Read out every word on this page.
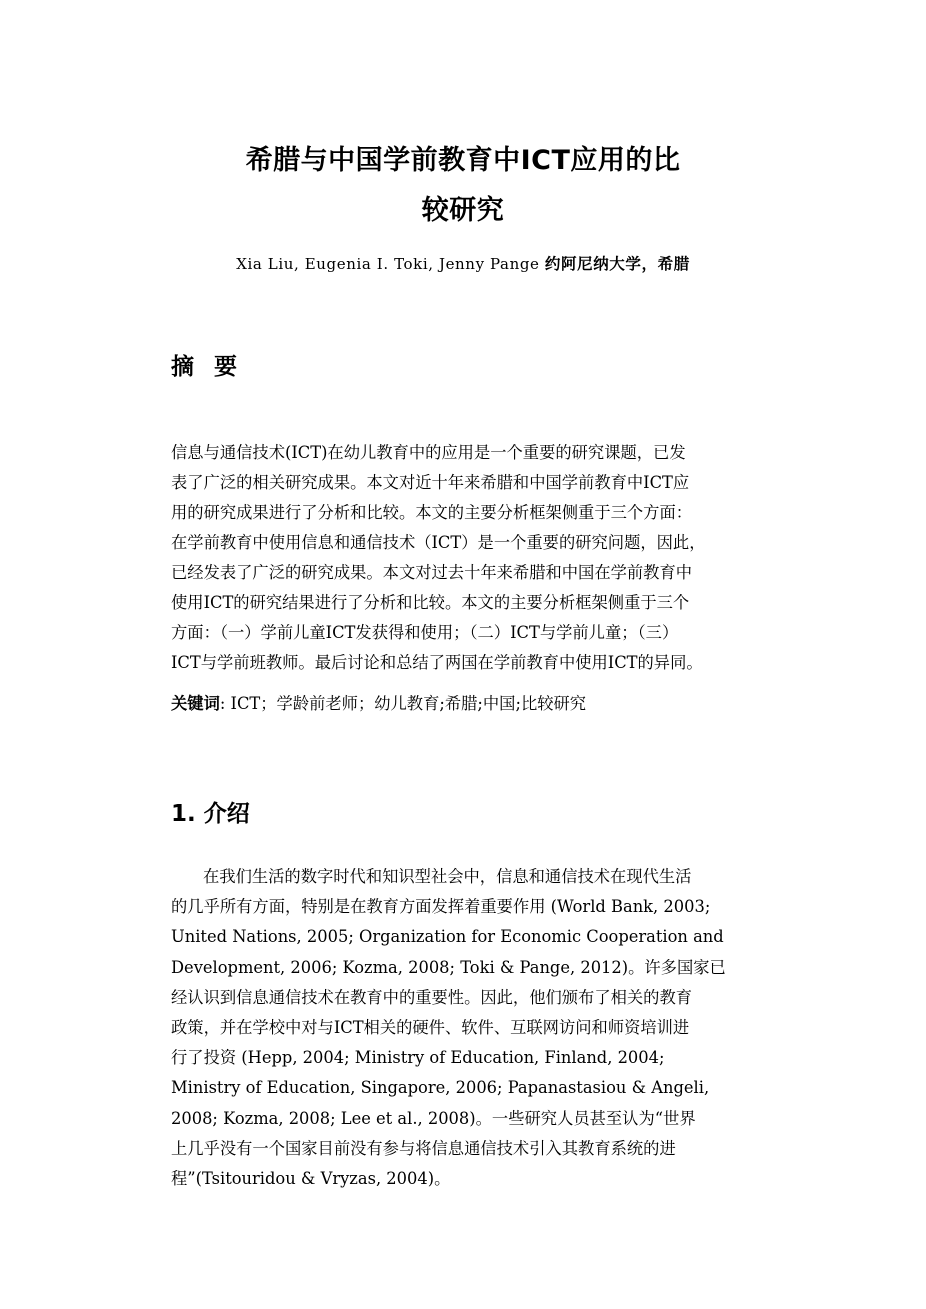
希腊与中国学前教育中ICT应用的比
较研究
Xia Liu, Eugenia I. Toki, Jenny Pange 约阿尼纳大学，希腊
摘 要
信息与通信技术(ICT)在幼儿教育中的应用是一个重要的研究课题，已发
表了广泛的相关研究成果。本文对近十年来希腊和中国学前教育中ICT应
用的研究成果进行了分析和比较。本文的主要分析框架侧重于三个方面：
在学前教育中使用信息和通信技术（ICT）是一个重要的研究问题，因此，
已经发表了广泛的研究成果。本文对过去十年来希腊和中国在学前教育中
使用ICT的研究结果进行了分析和比较。本文的主要分析框架侧重于三个
方面：（一）学前儿童ICT发获得和使用；（二）ICT与学前儿童；（三）
ICT与学前班教师。最后讨论和总结了两国在学前教育中使用ICT的异同。
关键词: ICT；学龄前老师；幼儿教育;希腊;中国;比较研究
1. 介绍
在我们生活的数字时代和知识型社会中，信息和通信技术在现代生活
的几乎所有方面，特别是在教育方面发挥着重要作用 (World Bank, 2003;
United Nations, 2005; Organization for Economic Cooperation and
Development, 2006; Kozma, 2008; Toki & Pange, 2012)。许多国家已
经认识到信息通信技术在教育中的重要性。因此，他们颁布了相关的教育
政策，并在学校中对与ICT相关的硬件、软件、互联网访问和师资培训进
行了投资 (Hepp, 2004; Ministry of Education, Finland, 2004;
Ministry of Education, Singapore, 2006; Papanastasiou & Angeli,
2008; Kozma, 2008; Lee et al., 2008)。一些研究人员甚至认为“世界
上几乎没有一个国家目前没有参与将信息通信技术引入其教育系统的进
程”(Tsitouridou & Vryzas, 2004)。
